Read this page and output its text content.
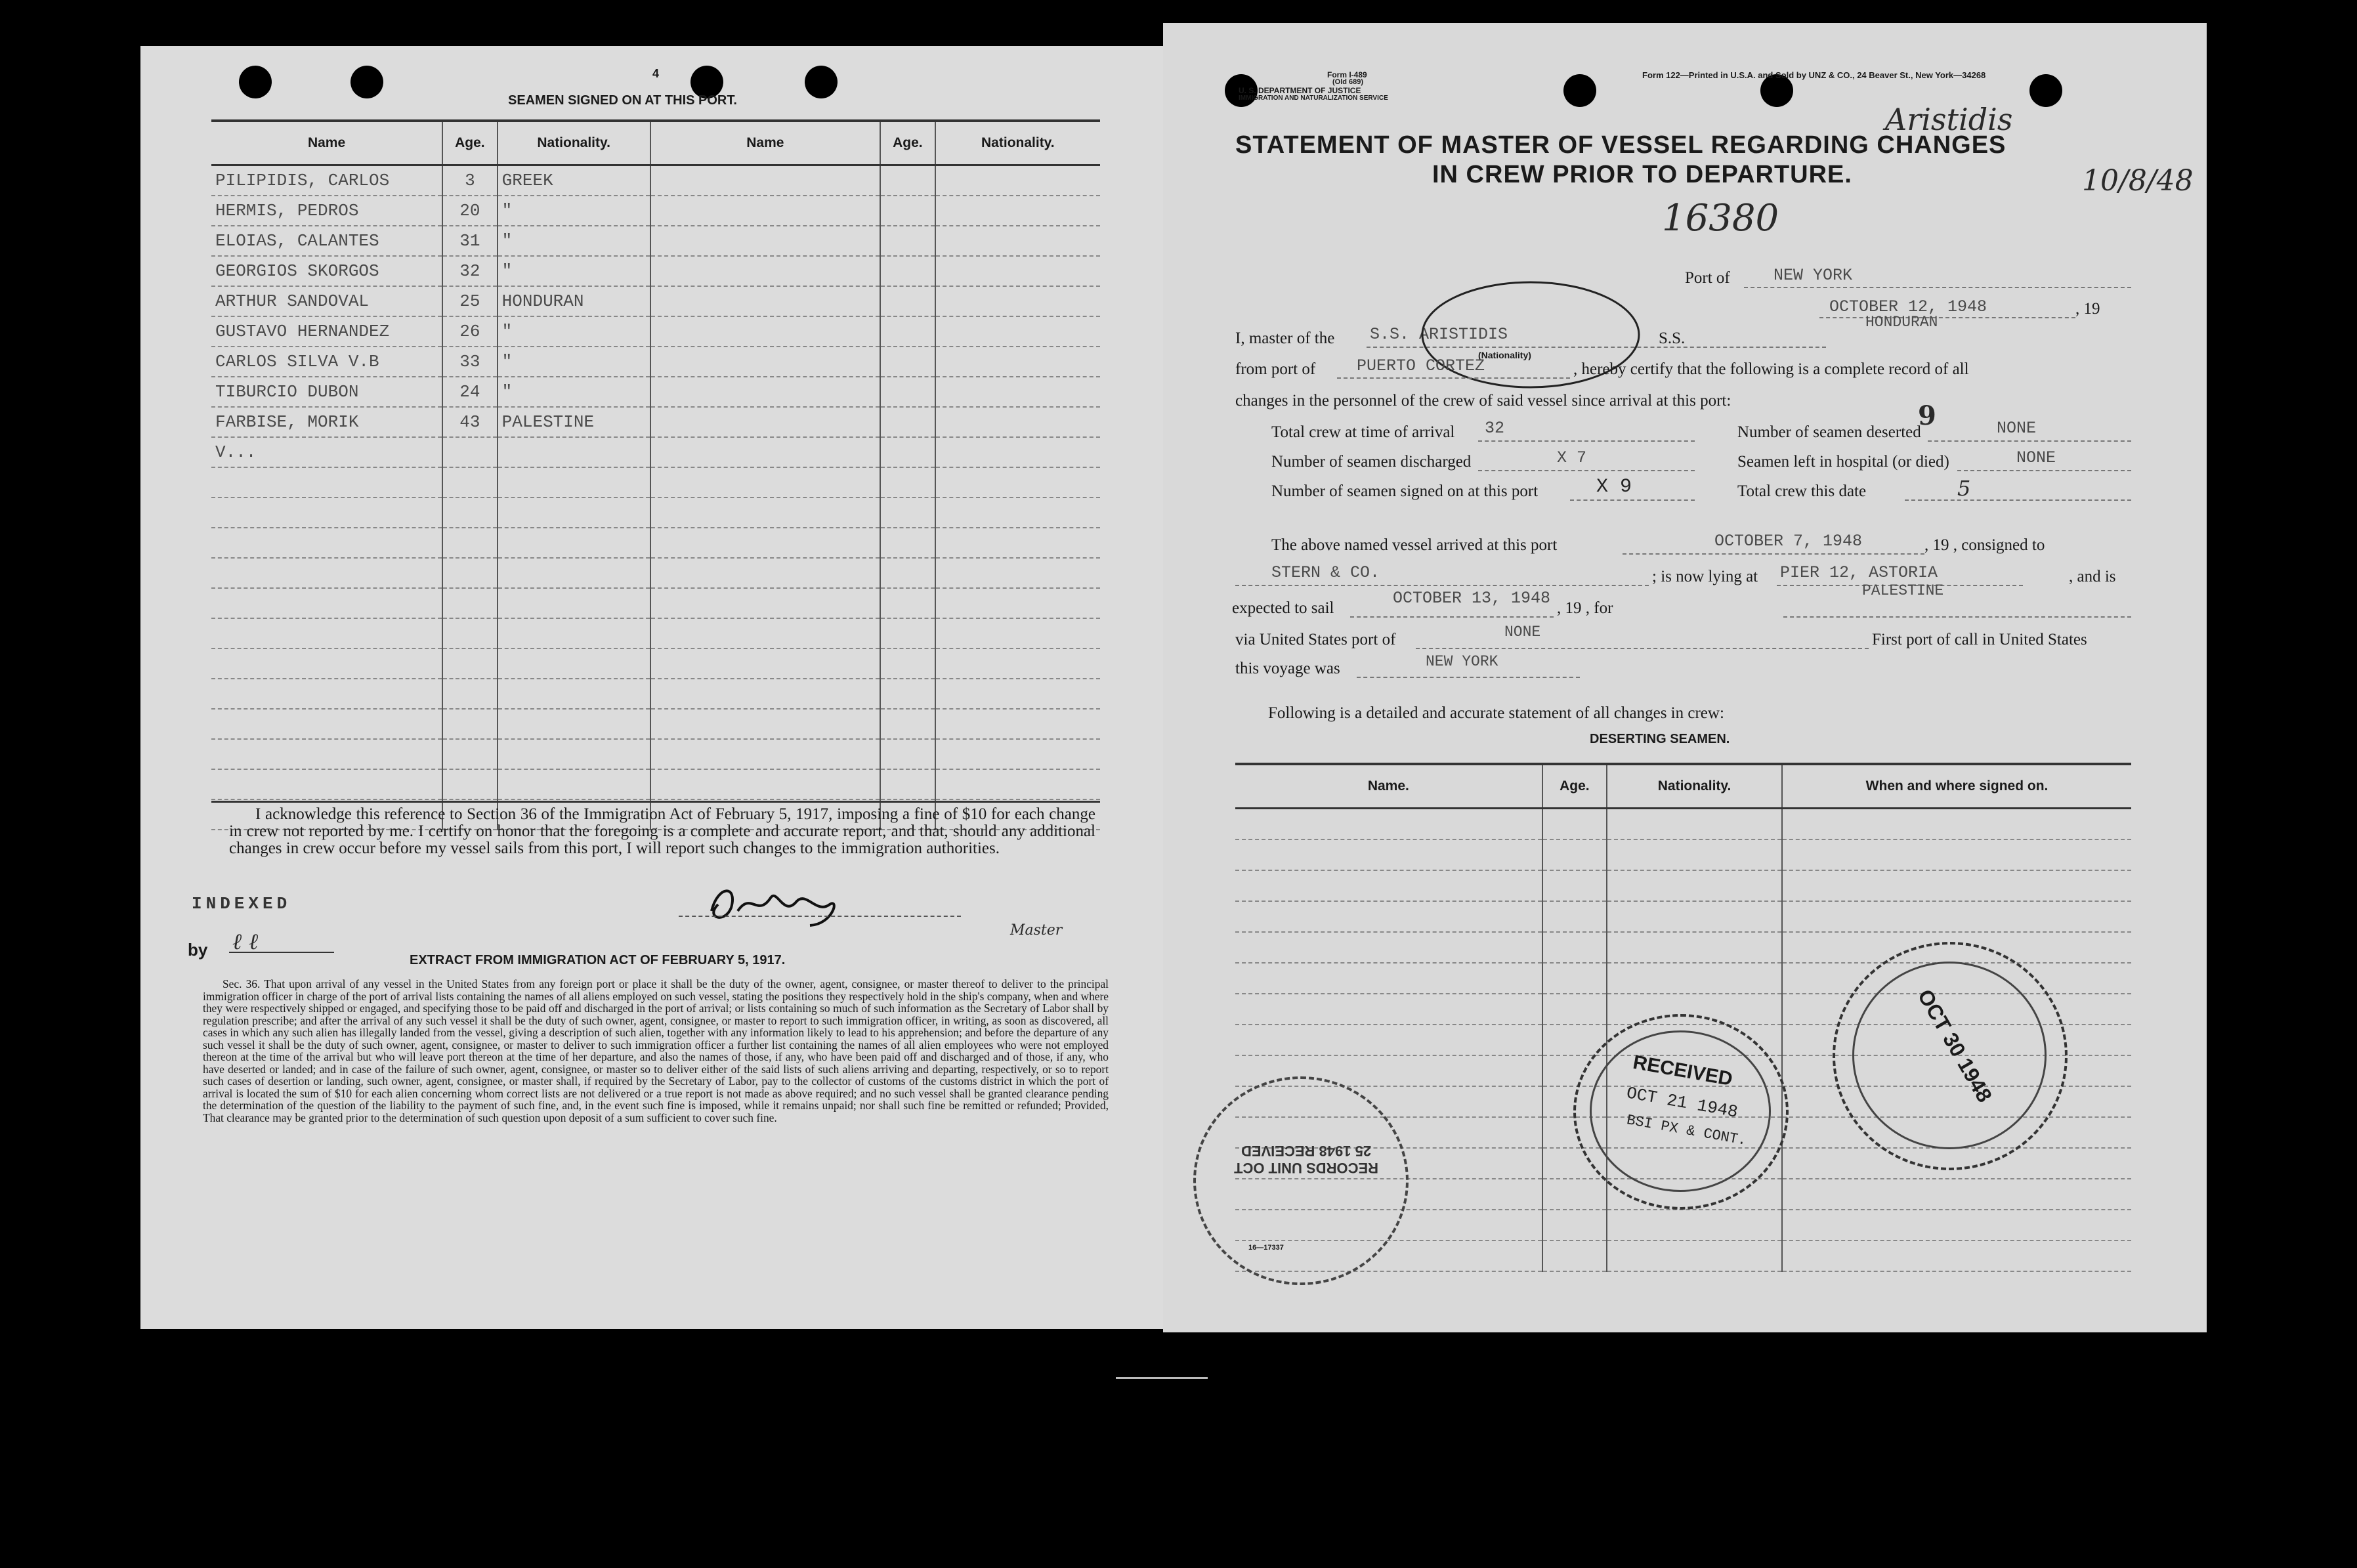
4
SEAMEN SIGNED ON AT THIS PORT.
Name	Age.	Nationality.	Name	Age.	Nationality.
PILIPIDIS, CARLOS	3	GREEK			
HERMIS, PEDROS	20	"			
ELOIAS, CALANTES	31	"			
GEORGIOS SKORGOS	32	"			
ARTHUR SANDOVAL	25	HONDURAN			
GUSTAVO HERNANDEZ	26	"			
CARLOS SILVA V.B	33	"			
TIBURCIO DUBON	24	"			
FARBISE, MORIK	43	PALESTINE			
V...					

I acknowledge this reference to Section 36 of the Immigration Act of February 5, 1917, imposing a fine of $10 for each change in crew not reported by me. I certify on honor that the foregoing is a complete and accurate report, and that, should any additional changes in crew occur before my vessel sails from this port, I will report such changes to the immigration authorities.
INDEXED
by ℓ ℓ	Master
EXTRACT FROM IMMIGRATION ACT OF FEBRUARY 5, 1917.
Sec. 36. That upon arrival of any vessel in the United States from any foreign port or place it shall be the duty of the owner, agent, consignee, or master thereof to deliver to the principal immigration officer in charge of the port of arrival lists containing the names of all aliens employed on such vessel, stating the positions they respectively hold in the ship's company, when and where they were respectively shipped or engaged, and specifying those to be paid off and discharged in the port of arrival; or lists containing so much of such information as the Secretary of Labor shall by regulation prescribe; and after the arrival of any such vessel it shall be the duty of such owner, agent, consignee, or master to report to such immigration officer, in writing, as soon as discovered, all cases in which any such alien has illegally landed from the vessel, giving a description of such alien, together with any information likely to lead to his apprehension; and before the departure of any such vessel it shall be the duty of such owner, agent, consignee, or master to deliver to such immigration officer a further list containing the names of all alien employees who were not employed thereon at the time of the arrival but who will leave port thereon at the time of her departure, and also the names of those, if any, who have been paid off and discharged and of those, if any, who have deserted or landed; and in case of the failure of such owner, agent, consignee, or master so to deliver either of the said lists of such aliens arriving and departing, respectively, or so to report such cases of desertion or landing, such owner, agent, consignee, or master shall, if required by the Secretary of Labor, pay to the collector of customs of the customs district in which the port of arrival is located the sum of $10 for each alien concerning whom correct lists are not delivered or a true report is not made as above required; and no such vessel shall be granted clearance pending the determination of the question of the liability to the payment of such fine, and, in the event such fine is imposed, while it remains unpaid; nor shall such fine be remitted or refunded; Provided, That clearance may be granted prior to the determination of such question upon deposit of a sum sufficient to cover such fine.
Form I-489
(Old 689)
U. S. DEPARTMENT OF JUSTICE
IMMIGRATION AND NATURALIZATION SERVICE
Form 122—Printed in U.S.A. and Sold by UNZ & CO., 24 Beaver St., New York—34268
Aristidis
10/8/48
STATEMENT OF MASTER OF VESSEL REGARDING CHANGES
IN CREW PRIOR TO DEPARTURE.
16380
Port of	NEW YORK
OCTOBER 12, 1948	, 19
I, master of the S.S. ARISTIDIS
HONDURAN
(Nationality)
S.S.
from port of	PUERTO CORTEZ	, hereby certify that the following is a complete record of all
changes in the personnel of the crew of said vessel since arrival at this port:	9
Total crew at time of arrival 32	Number of seamen deserted	NONE
Number of seamen discharged	X 7	Seamen left in hospital (or died)	NONE
Number of seamen signed on at this port	X 9	Total crew this date	5
The above named vessel arrived at this port	OCTOBER 7, 1948	, 19 , consigned to
STERN & CO.	; is now lying at PIER 12, ASTORIA	, and is
expected to sail
OCTOBER 13, 1948
, 19 , for
PALESTINE
via United States port of	NONE	First port of call in United States
this voyage was	NEW YORK
Following is a detailed and accurate statement of all changes in crew:
DESERTING SEAMEN.
Name.	Age.	Nationality.	When and where signed on.

RECEIVED
OCT 21 1948
BSI PX & CONT.
OCT 30 1948
16—17337
RECORDS UNIT OCT 25 1948 RECEIVED
